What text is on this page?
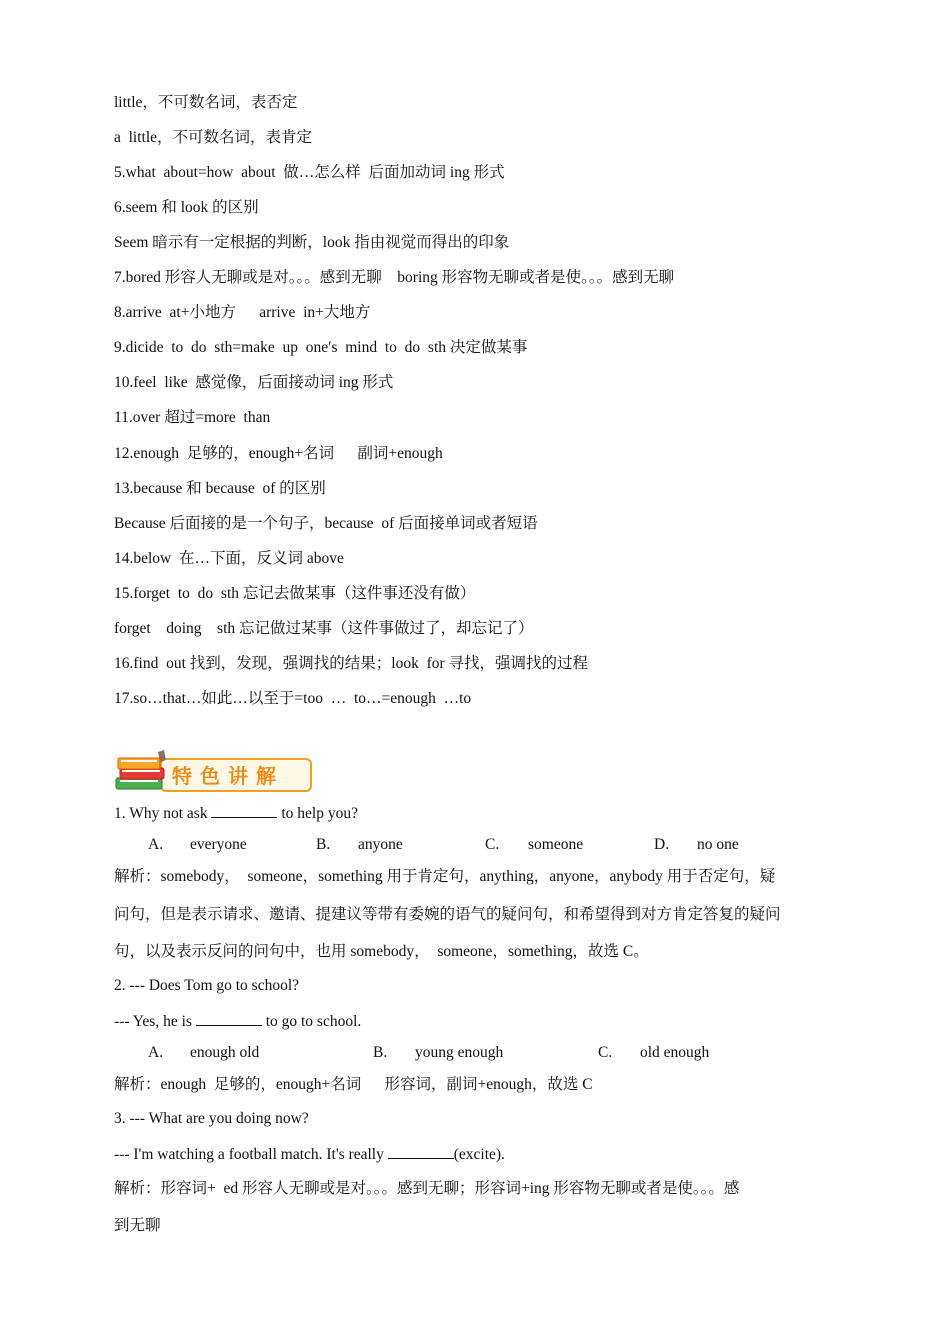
little，不可数名词，表否定
a  little，不可数名词，表肯定
5.what  about=how  about  做…怎么样  后面加动词 ing 形式
6.seem 和 look 的区别
Seem 暗示有一定根据的判断，look 指由视觉而得出的印象
7.bored 形容人无聊或是对。。。感到无聊    boring 形容物无聊或者是使。。。感到无聊
8.arrive  at+小地方      arrive  in+大地方
9.dicide  to  do  sth=make  up  one′s  mind  to  do  sth 决定做某事
10.feel  like  感觉像，后面接动词 ing 形式
11.over 超过=more  than
12.enough  足够的，enough+名词      副词+enough
13.because 和 because  of 的区别
Because 后面接的是一个句子，because  of 后面接单词或者短语
14.below  在…下面，反义词 above
15.forget  to  do  sth 忘记去做某事（这件事还没有做）
forget    doing    sth 忘记做过某事（这件事做过了，却忘记了）
16.find  out 找到，发现，强调找的结果；look  for 寻找，强调找的过程
17.so…that…如此…以至于=too  …  to…=enough  …to
特色讲解
1. Why not ask	to help you?
A. everyone	B. anyone	C. someone	D. no one
解析：somebody，  someone，something 用于肯定句，anything，anyone，anybody 用于否定句，疑
问句，但是表示请求、邀请、提建议等带有委婉的语气的疑问句，和希望得到对方肯定答复的疑问
句，以及表示反问的问句中，也用 somebody，  someone，something，故选 C。
2. --- Does Tom go to school?
--- Yes, he is	to go to school.
A. enough old	B. young enough	C. old enough
解析：enough  足够的，enough+名词      形容词，副词+enough，故选 C
3. --- What are you doing now?
--- I'm watching a football match. It's really	(excite).
解析：形容词+  ed 形容人无聊或是对。。。感到无聊；形容词+ing 形容物无聊或者是使。。。感
到无聊
